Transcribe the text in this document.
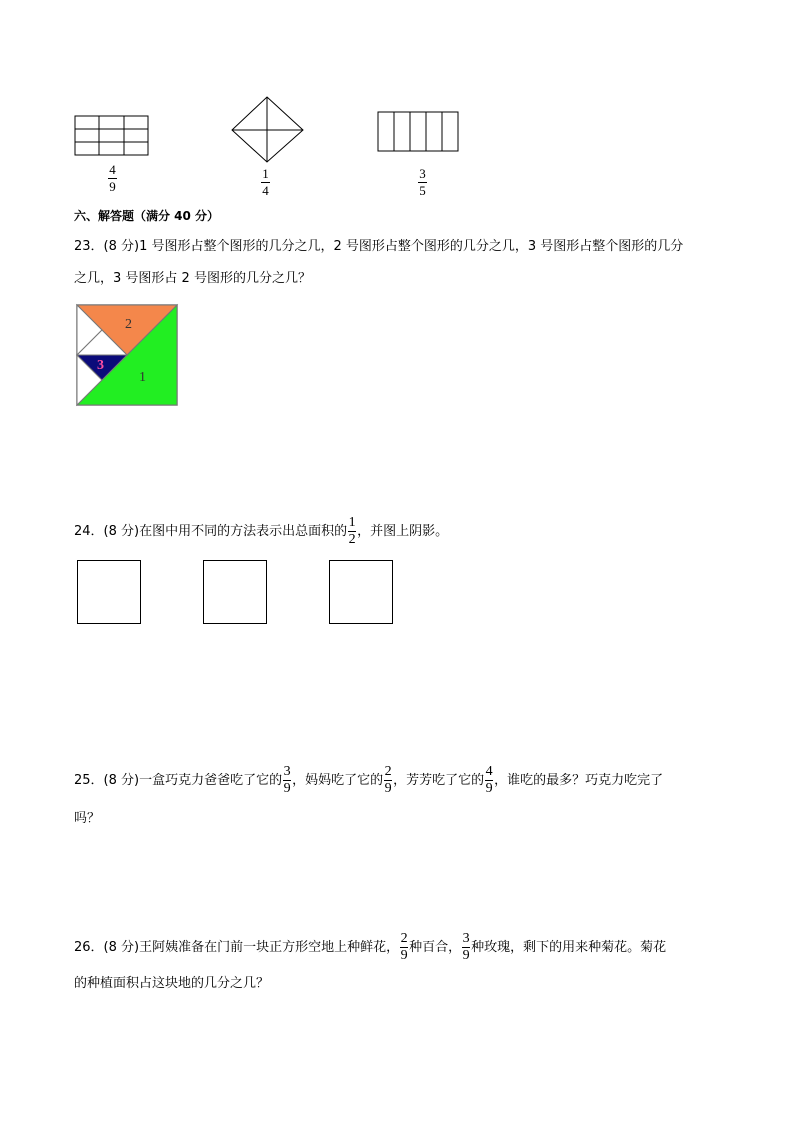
4
9
1
4
3
5
六、解答题（满分 40 分）
23．(8 分)1 号图形占整个图形的几分之几，2 号图形占整个图形的几分之几，3 号图形占整个图形的几分
之几，3 号图形占 2 号图形的几分之几？
2
3
1
24．(8 分)在图中用不同的方法表示出总面积的 $\frac{1}{2}$ ，并图上阴影。
25．(8 分)一盒巧克力爸爸吃了它的 $\frac{3}{9}$ ，妈妈吃了它的 $\frac{2}{9}$ ，芳芳吃了它的 $\frac{4}{9}$ ，谁吃的最多？巧克力吃完了
吗？
26．(8 分)王阿姨准备在门前一块正方形空地上种鲜花， $\frac{2}{9}$ 种百合， $\frac{3}{9}$ 种玫瑰，剩下的用来种菊花。菊花
的种植面积占这块地的几分之几？
